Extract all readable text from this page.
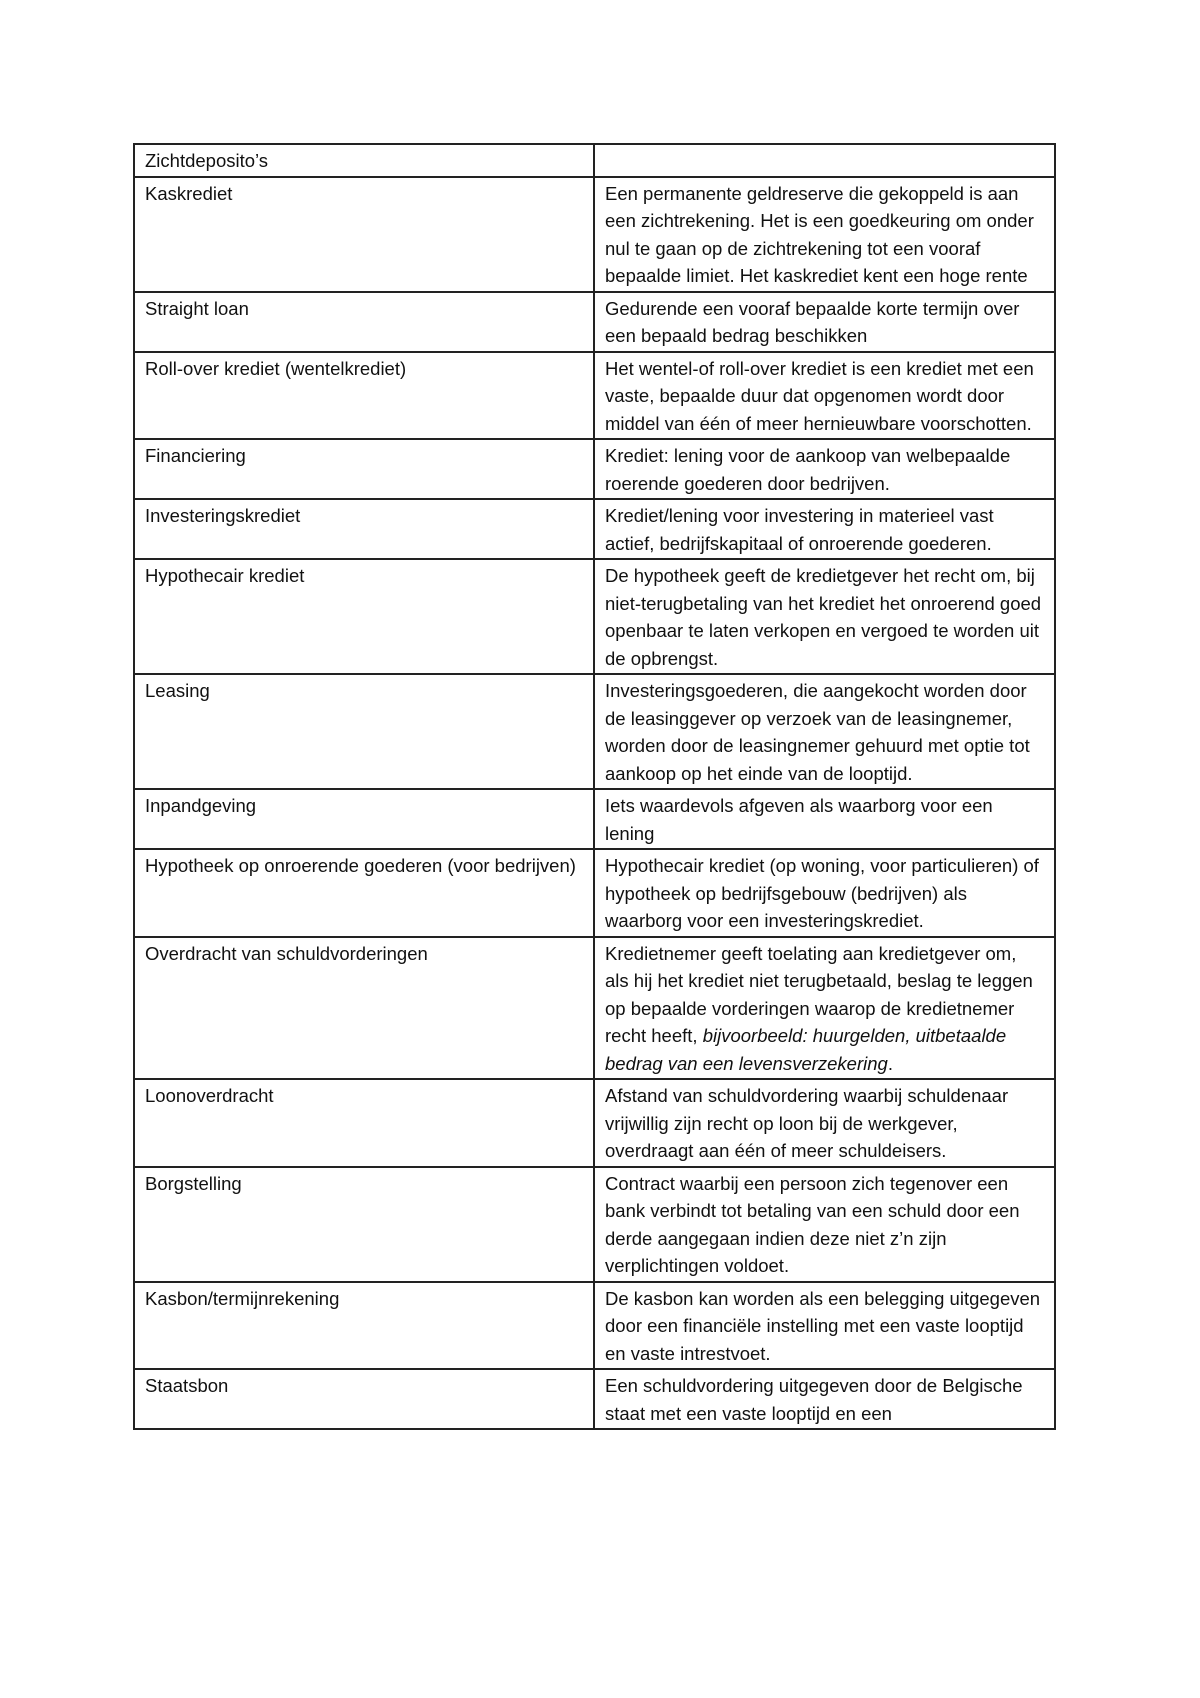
Zichtdeposito’s	
Kaskrediet	Een permanente geldreserve die gekoppeld is aan een zichtrekening. Het is een goedkeuring om onder nul te gaan op de zichtrekening tot een vooraf bepaalde limiet. Het kaskrediet kent een hoge rente
Straight loan	Gedurende een vooraf bepaalde korte termijn over een bepaald bedrag beschikken
Roll-over krediet (wentelkrediet)	Het wentel-of roll-over krediet is een krediet met een vaste, bepaalde duur dat opgenomen wordt door middel van één of meer hernieuwbare voorschotten.
Financiering	Krediet: lening voor de aankoop van welbepaalde roerende goederen door bedrijven.
Investeringskrediet	Krediet/lening voor investering in materieel vast actief, bedrijfskapitaal of onroerende goederen.
Hypothecair krediet	De hypotheek geeft de kredietgever het recht om, bij niet-terugbetaling van het krediet het onroerend goed openbaar te laten verkopen en vergoed te worden uit de opbrengst.
Leasing	Investeringsgoederen, die aangekocht worden door de leasinggever op verzoek van de leasingnemer, worden door de leasingnemer gehuurd met optie tot aankoop op het einde van de looptijd.
Inpandgeving	Iets waardevols afgeven als waarborg voor een lening
Hypotheek op onroerende goederen (voor bedrijven)	Hypothecair krediet (op woning, voor particulieren) of hypotheek op bedrijfsgebouw (bedrijven) als waarborg voor een investeringskrediet.
Overdracht van schuldvorderingen	Kredietnemer geeft toelating aan kredietgever om, als hij het krediet niet terugbetaald, beslag te leggen op bepaalde vorderingen waarop de kredietnemer recht heeft, bijvoorbeeld: huurgelden, uitbetaalde bedrag van een levensverzekering.
Loonoverdracht	Afstand van schuldvordering waarbij schuldenaar vrijwillig zijn recht op loon bij de werkgever, overdraagt aan één of meer schuldeisers.
Borgstelling	Contract waarbij een persoon zich tegenover een bank verbindt tot betaling van een schuld door een derde aangegaan indien deze niet z’n zijn verplichtingen voldoet.
Kasbon/termijnrekening	De kasbon kan worden als een belegging uitgegeven door een financiële instelling met een vaste looptijd en vaste intrestvoet.
Staatsbon	Een schuldvordering uitgegeven door de Belgische staat met een vaste looptijd en een
